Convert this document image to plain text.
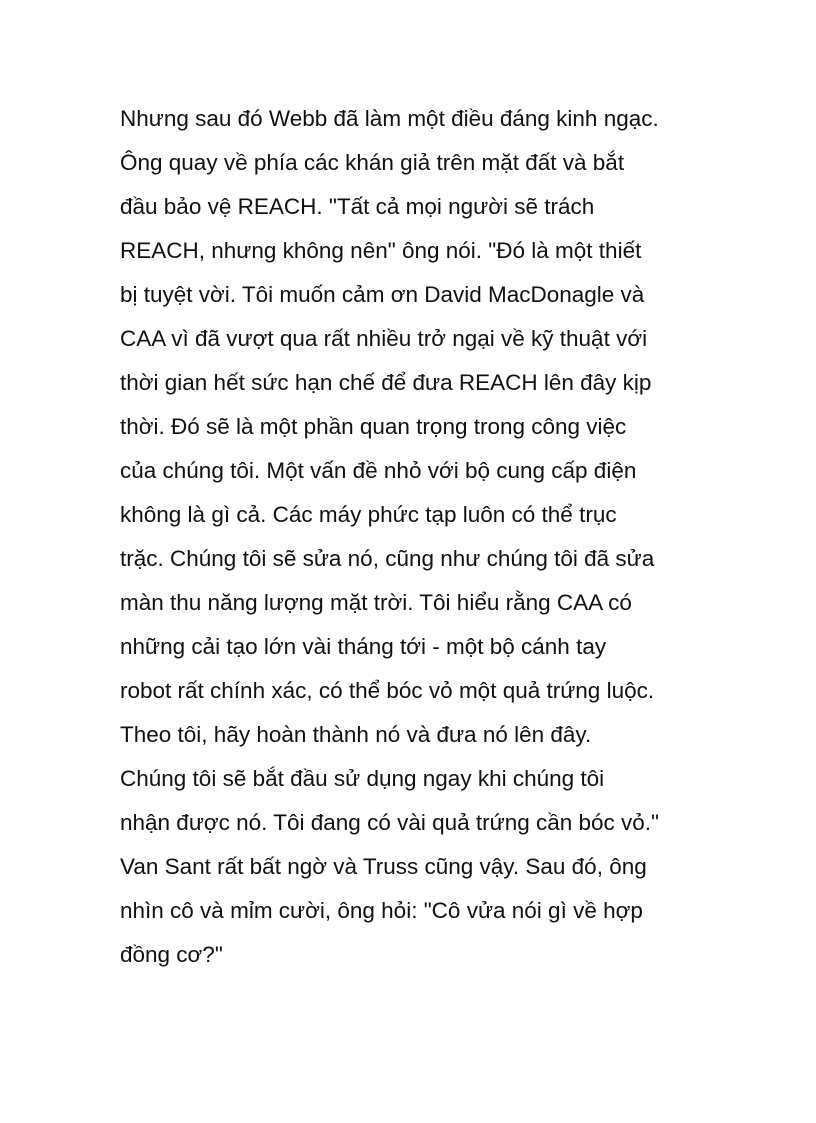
Nhưng sau đó Webb đã làm một điều đáng kinh ngạc.
Ông quay về phía các khán giả trên mặt đất và bắt
đầu bảo vệ REACH. "Tất cả mọi người sẽ trách
REACH, nhưng không nên" ông nói. "Đó là một thiết
bị tuyệt vời. Tôi muốn cảm ơn David MacDonagle và
CAA vì đã vượt qua rất nhiều trở ngại về kỹ thuật với
thời gian hết sức hạn chế để đưa REACH lên đây kịp
thời. Đó sẽ là một phần quan trọng trong công việc
của chúng tôi. Một vấn đề nhỏ với bộ cung cấp điện
không là gì cả. Các máy phức tạp luôn có thể trục
trặc. Chúng tôi sẽ sửa nó, cũng như chúng tôi đã sửa
màn thu năng lượng mặt trời. Tôi hiểu rằng CAA có
những cải tạo lớn vài tháng tới - một bộ cánh tay
robot rất chính xác, có thể bóc vỏ một quả trứng luộc.
Theo tôi, hãy hoàn thành nó và đưa nó lên đây.
Chúng tôi sẽ bắt đầu sử dụng ngay khi chúng tôi
nhận được nó. Tôi đang có vài quả trứng cần bóc vỏ."
Van Sant rất bất ngờ và Truss cũng vậy. Sau đó, ông
nhìn cô và mỉm cười, ông hỏi: "Cô vửa nói gì về hợp
đồng cơ?"
